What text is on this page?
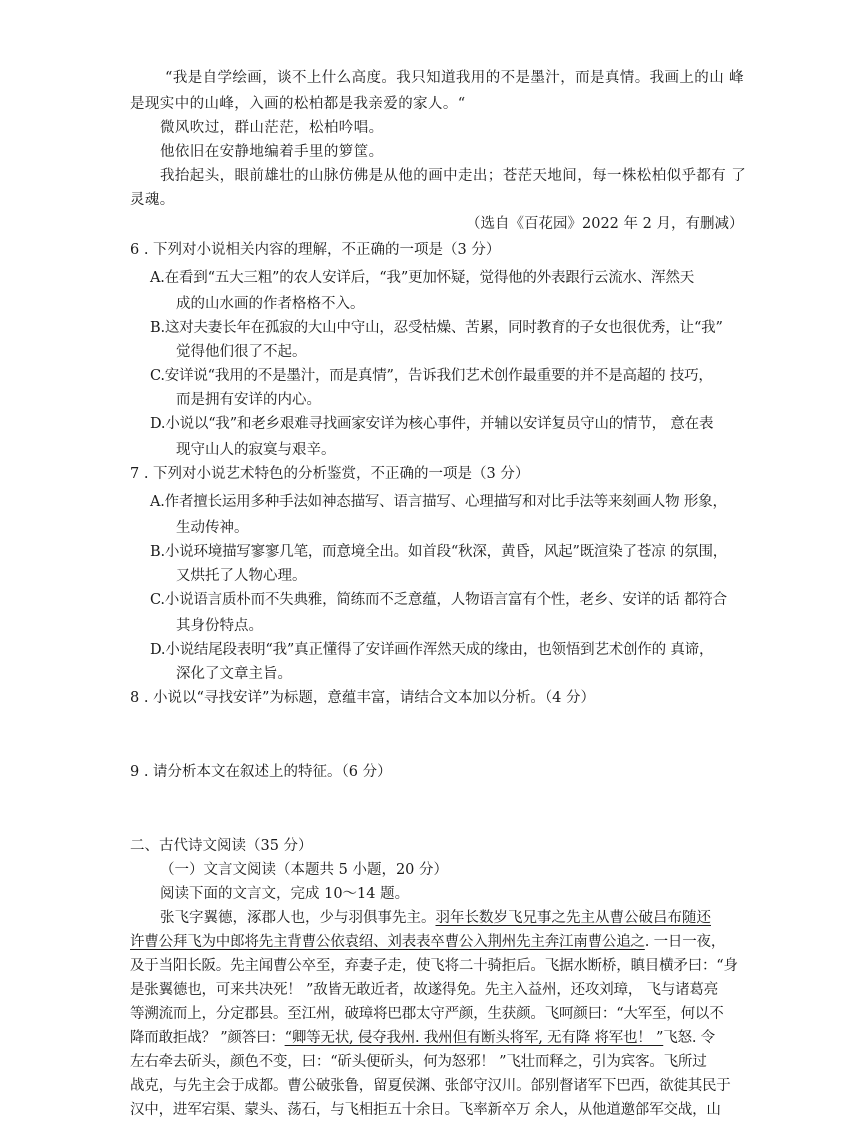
“我是自学绘画，谈不上什么高度。我只知道我用的不是墨汁，而是真情。我画上的山 峰
是现实中的山峰，入画的松柏都是我亲爱的家人。“
微风吹过，群山茫茫，松柏吟唱。
他依旧在安静地编着手里的箩筐。
我抬起头，眼前雄壮的山脉仿佛是从他的画中走出；苍茫天地间，每一株松柏似乎都有 了
灵魂。
（选自《百花园》2022 年 2 月，有删减）
6 . 下列对小说相关内容的理解，不正确的一项是（3 分）
A.在看到“五大三粗”的农人安详后，“我”更加怀疑，觉得他的外表跟行云流水、浑然天
成的山水画的作者格格不入。
B.这对夫妻长年在孤寂的大山中守山，忍受枯燥、苦累，同时教育的子女也很优秀，让“我”
觉得他们很了不起。
C.安详说“我用的不是墨汁，而是真情”，告诉我们艺术创作最重要的并不是高超的 技巧，
而是拥有安详的内心。
D.小说以“我”和老乡艰难寻找画家安详为核心事件，并辅以安详复员守山的情节， 意在表
现守山人的寂寞与艰辛。
7 . 下列对小说艺术特色的分析鉴赏，不正确的一项是（3 分）
A.作者擅长运用多种手法如神态描写、语言描写、心理描写和对比手法等来刻画人物 形象，
生动传神。
B.小说环境描写寥寥几笔，而意境全出。如首段“秋深，黄昏，风起”既渲染了苍凉 的氛围，
又烘托了人物心理。
C.小说语言质朴而不失典雅，简练而不乏意蕴，人物语言富有个性，老乡、安详的话 都符合
其身份特点。
D.小说结尾段表明“我”真正懂得了安详画作浑然天成的缘由，也领悟到艺术创作的 真谛，
深化了文章主旨。
8 . 小说以“寻找安详”为标题，意蕴丰富，请结合文本加以分析。（4 分）
9 . 请分析本文在叙述上的特征。（6 分）
二、古代诗文阅读（35 分）
（一）文言文阅读（本题共 5 小题，20 分）
阅读下面的文言文，完成 10～14 题。
张飞字翼德，涿郡人也，少与羽俱事先主。羽年长数岁飞兄事之先主从曹公破吕布随还
许曹公拜飞为中郎将先主背曹公依袁绍、刘表表卒曹公入荆州先主奔江南曹公追之. 一日一夜，
及于当阳长阪。先主闻曹公卒至，弃妻子走，使飞将二十骑拒后。飞据水断桥，瞋目横矛曰：“身
是张翼德也，可来共决死！ ”敌皆无敢近者，故遂得免。先主入益州，还攻刘璋， 飞与诸葛亮
等溯流而上，分定郡县。至江州，破璋将巴郡太守严颜，生获颜。飞呵颜曰：“大军至，何以不
降而敢拒战？ ”颜答曰：“卿等无状, 侵夺我州. 我州但有断头将军, 无有降 将军也！ ”飞怒. 令
左右牵去斫头，颜色不变，曰：“斫头便斫头，何为怒邪！ ”飞壮而释之，引为宾客。飞所过
战克，与先主会于成都。曹公破张鲁，留夏侯渊、张郃守汉川。郃别督诸军下巴西，欲徙其民于
汉中，进军宕渠、蒙头、荡石，与飞相拒五十余日。飞率新卒万 余人，从他道邀郃军交战，山
